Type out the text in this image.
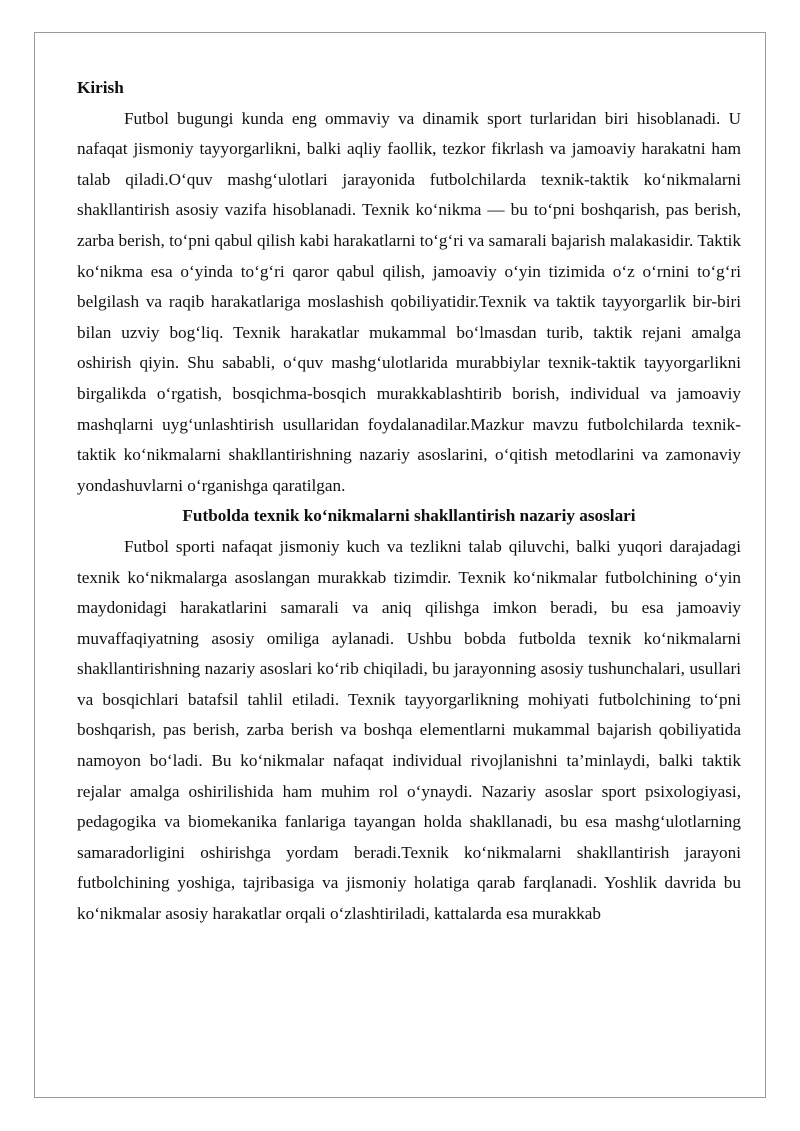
Kirish

Futbol bugungi kunda eng ommaviy va dinamik sport turlaridan biri hisoblanadi. U nafaqat jismoniy tayyorgarlikni, balki aqliy faollik, tezkor fikrlash va jamoaviy harakatni ham talab qiladi.O‘quv mashg‘ulotlari jarayonida futbolchilarda texnik-taktik ko‘nikmalarni shakllantirish asosiy vazifa hisoblanadi. Texnik ko‘nikma — bu to‘pni boshqarish, pas berish, zarba berish, to‘pni qabul qilish kabi harakatlarni to‘g‘ri va samarali bajarish malakasidir. Taktik ko‘nikma esa o‘yinda to‘g‘ri qaror qabul qilish, jamoaviy o‘yin tizimida o‘z o‘rnini to‘g‘ri belgilash va raqib harakatlariga moslashish qobiliyatidir.Texnik va taktik tayyorgarlik bir-biri bilan uzviy bog‘liq. Texnik harakatlar mukammal bo‘lmasdan turib, taktik rejani amalga oshirish qiyin. Shu sababli, o‘quv mashg‘ulotlarida murabbiylar texnik-taktik tayyorgarlikni birgalikda o‘rgatish, bosqichma-bosqich murakkablashtirib borish, individual va jamoaviy mashqlarni uyg‘unlashtirish usullaridan foydalanadilar.Mazkur mavzu futbolchilarda texnik-taktik ko‘nikmalarni shakllantirishning nazariy asoslarini, o‘qitish metodlarini va zamonaviy yondashuvlarni o‘rganishga qaratilgan.

Futbolda texnik ko‘nikmalarni shakllantirish nazariy asoslari

Futbol sporti nafaqat jismoniy kuch va tezlikni talab qiluvchi, balki yuqori darajadagi texnik ko‘nikmalarga asoslangan murakkab tizimdir. Texnik ko‘nikmalar futbolchining o‘yin maydonidagi harakatlarini samarali va aniq qilishga imkon beradi, bu esa jamoaviy muvaffaqiyatning asosiy omiliga aylanadi. Ushbu bobda futbolda texnik ko‘nikmalarni shakllantirishning nazariy asoslari ko‘rib chiqiladi, bu jarayonning asosiy tushunchalari, usullari va bosqichlari batafsil tahlil etiladi. Texnik tayyorgarlikning mohiyati futbolchining to‘pni boshqarish, pas berish, zarba berish va boshqa elementlarni mukammal bajarish qobiliyatida namoyon bo‘ladi. Bu ko‘nikmalar nafaqat individual rivojlanishni ta’minlaydi, balki taktik rejalar amalga oshirilishida ham muhim rol o‘ynaydi. Nazariy asoslar sport psixologiyasi, pedagogika va biomekanika fanlariga tayangan holda shakllanadi, bu esa mashg‘ulotlarning samaradorligini oshirishga yordam beradi.Texnik ko‘nikmalarni shakllantirish jarayoni futbolchining yoshiga, tajribasiga va jismoniy holatiga qarab farqlanadi. Yoshlik davrida bu ko‘nikmalar asosiy harakatlar orqali o‘zlashtiriladi, kattalarda esa murakkab
